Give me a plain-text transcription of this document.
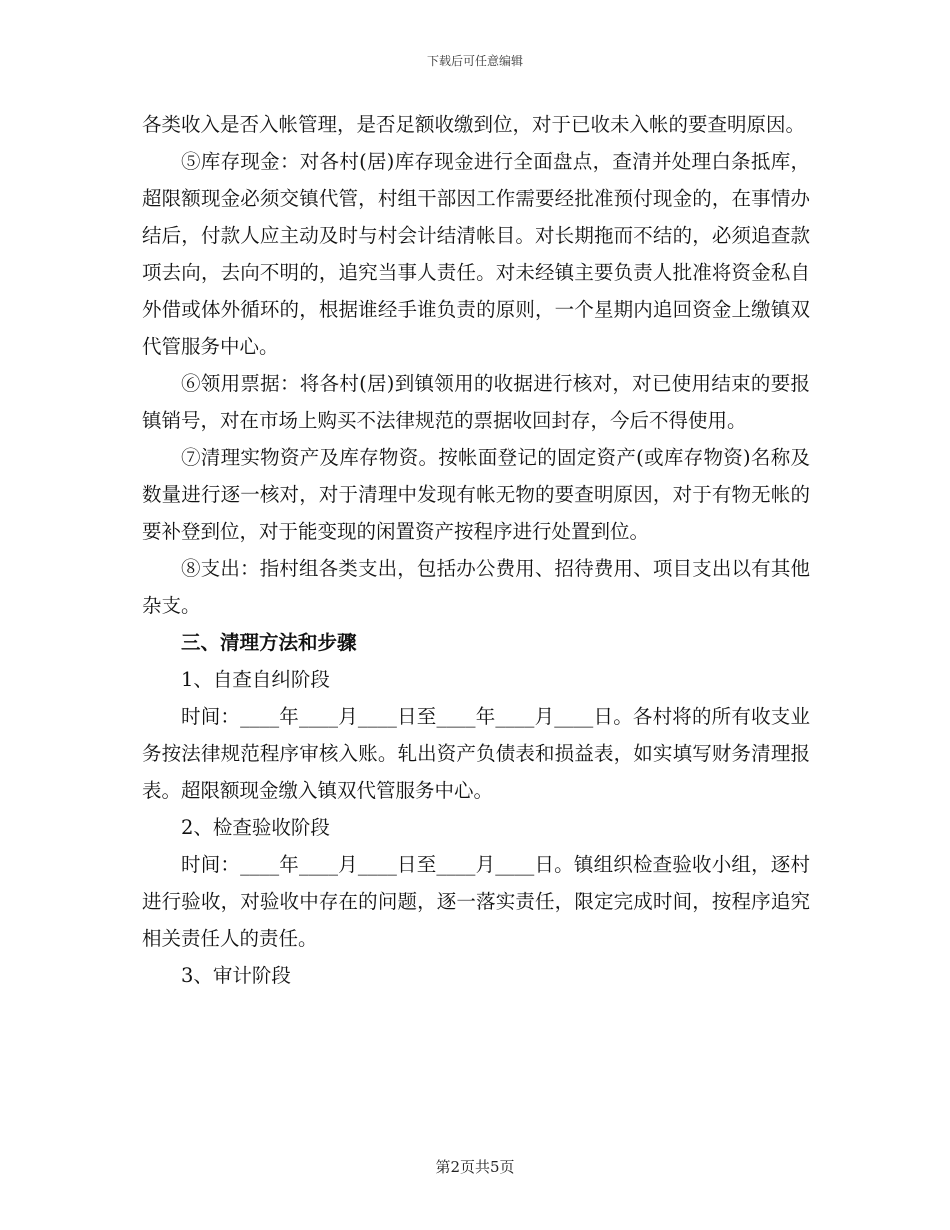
下载后可任意编辑

各类收入是否入帐管理，是否足额收缴到位，对于已收未入帐的要查明原因。

⑤库存现金：对各村(居)库存现金进行全面盘点，查清并处理白条抵库，超限额现金必须交镇代管，村组干部因工作需要经批准预付现金的，在事情办结后，付款人应主动及时与村会计结清帐目。对长期拖而不结的，必须追查款项去向，去向不明的，追究当事人责任。对未经镇主要负责人批准将资金私自外借或体外循环的，根据谁经手谁负责的原则，一个星期内追回资金上缴镇双代管服务中心。

⑥领用票据：将各村(居)到镇领用的收据进行核对，对已使用结束的要报镇销号，对在市场上购买不法律规范的票据收回封存，今后不得使用。

⑦清理实物资产及库存物资。按帐面登记的固定资产(或库存物资)名称及数量进行逐一核对，对于清理中发现有帐无物的要查明原因，对于有物无帐的要补登到位，对于能变现的闲置资产按程序进行处置到位。

⑧支出：指村组各类支出，包括办公费用、招待费用、项目支出以有其他杂支。

三、清理方法和步骤

1、自查自纠阶段

时间：____年____月____日至____年____月____日。各村将的所有收支业务按法律规范程序审核入账。轧出资产负债表和损益表，如实填写财务清理报表。超限额现金缴入镇双代管服务中心。

2、检查验收阶段

时间：____年____月____日至____月____日。镇组织检查验收小组，逐村进行验收，对验收中存在的问题，逐一落实责任，限定完成时间，按程序追究相关责任人的责任。

3、审计阶段

第2页共5页
